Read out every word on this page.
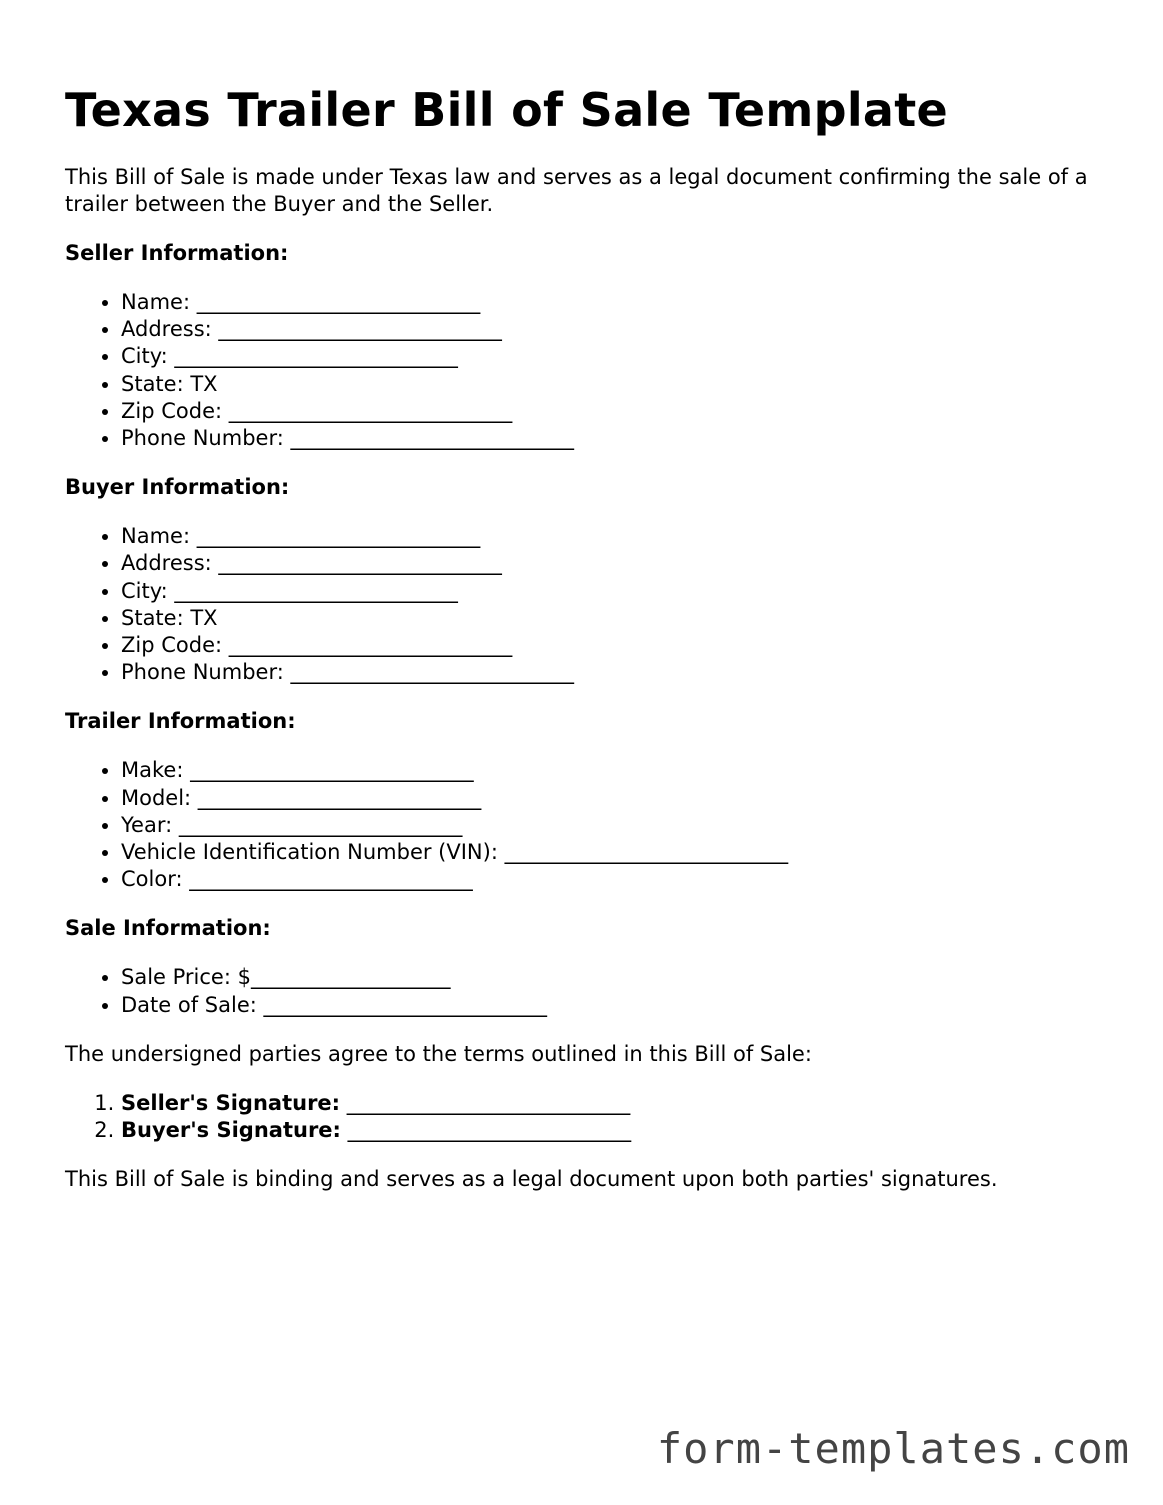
Texas Trailer Bill of Sale Template

This Bill of Sale is made under Texas law and serves as a legal document confirming the sale of a trailer between the Buyer and the Seller.

Seller Information:
• Name: ___________________________
• Address: ___________________________
• City: ___________________________
• State: TX
• Zip Code: ___________________________
• Phone Number: ___________________________
Buyer Information:
• Name: ___________________________
• Address: ___________________________
• City: ___________________________
• State: TX
• Zip Code: ___________________________
• Phone Number: ___________________________
Trailer Information:
• Make: ___________________________
• Model: ___________________________
• Year: ___________________________
• Vehicle Identification Number (VIN): ___________________________
• Color: ___________________________
Sale Information:
• Sale Price: $___________________
• Date of Sale: ___________________________

The undersigned parties agree to the terms outlined in this Bill of Sale:

1. Seller's Signature: ___________________________
2. Buyer's Signature: ___________________________

This Bill of Sale is binding and serves as a legal document upon both parties' signatures.

form-templates.com
